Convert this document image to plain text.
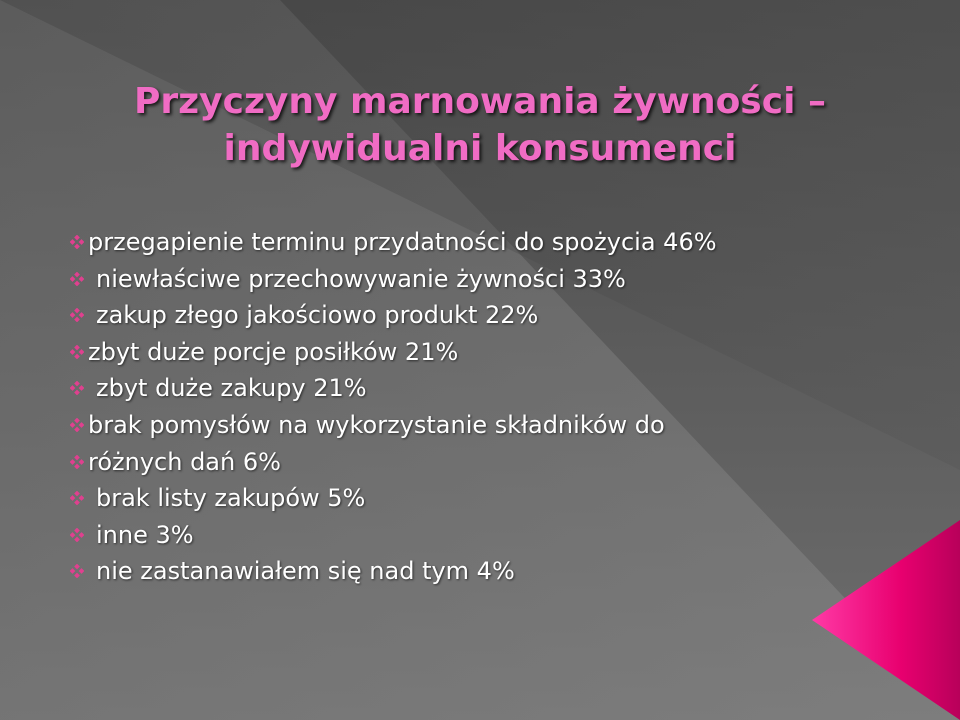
Przyczyny marnowania żywności –
indywidualni konsumenci
przegapienie terminu przydatności do spożycia 46%
niewłaściwe przechowywanie żywności 33%
zakup złego jakościowo produkt 22%
zbyt duże porcje posiłków 21%
zbyt duże zakupy 21%
brak pomysłów na wykorzystanie składników do
różnych dań 6%
brak listy zakupów 5%
inne 3%
nie zastanawiałem się nad tym 4%
